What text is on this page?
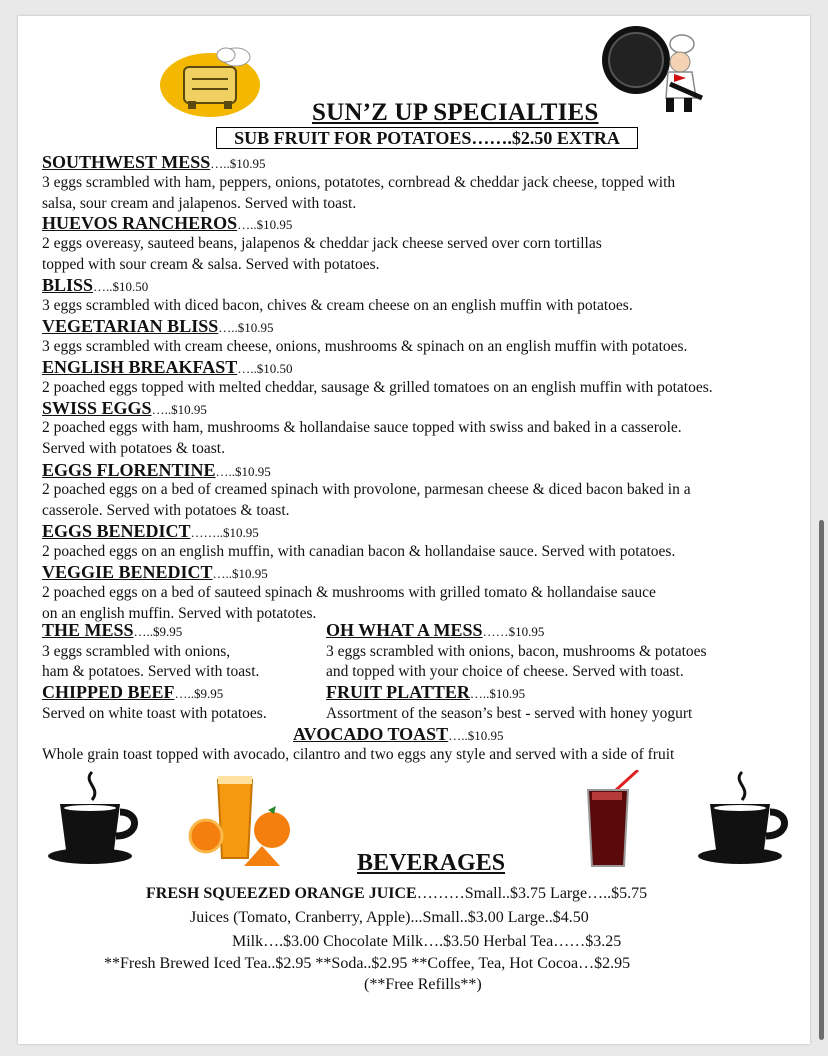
SUN’Z UP SPECIALTIES
SUB FRUIT FOR POTATOES…….$2.50 EXTRA
SOUTHWEST MESS…..$10.95
3 eggs scrambled with ham, peppers, onions, potatotes, cornbread & cheddar jack cheese, topped with
salsa, sour cream and jalapenos. Served with toast.
HUEVOS RANCHEROS…..$10.95
2 eggs overeasy, sauteed beans, jalapenos & cheddar jack cheese served over corn tortillas
topped with sour cream & salsa. Served with potatoes.
BLISS…..$10.50
3 eggs scrambled with diced bacon, chives & cream cheese on an english muffin with potatoes.
VEGETARIAN BLISS…..$10.95
3 eggs scrambled with cream cheese, onions, mushrooms & spinach on an english muffin with potatoes.
ENGLISH BREAKFAST…..$10.50
2 poached eggs topped with melted cheddar, sausage & grilled tomatoes on an english muffin with potatoes.
SWISS EGGS…..$10.95
2 poached eggs with ham, mushrooms & hollandaise sauce topped with swiss and baked in a casserole.
Served with potatoes & toast.
EGGS FLORENTINE…..$10.95
2 poached eggs on a bed of creamed spinach with provolone, parmesan cheese & diced bacon baked in a
casserole. Served with potatoes & toast.
EGGS BENEDICT……..$10.95
2 poached eggs on an english muffin, with canadian bacon & hollandaise sauce. Served with potatoes.
VEGGIE BENEDICT…..$10.95
2 poached eggs on a bed of sauteed spinach & mushrooms with grilled tomato & hollandaise sauce
on an english muffin. Served with potatotes.
THE MESS…..$9.95
3 eggs scrambled with onions,
ham & potatoes. Served with toast.
OH WHAT A MESS……$10.95
3 eggs scrambled with onions, bacon, mushrooms & potatoes
and topped with your choice of cheese. Served with toast.
CHIPPED BEEF…..$9.95
Served on white toast with potatoes.
FRUIT PLATTER…..$10.95
Assortment of the season’s best - served with honey yogurt
AVOCADO TOAST…..$10.95
Whole grain toast topped with avocado, cilantro and two eggs any style and served with a side of fruit
BEVERAGES
FRESH SQUEEZED ORANGE JUICE………Small..$3.75 Large…..$5.75
Juices (Tomato, Cranberry, Apple)...Small..$3.00 Large..$4.50
Milk….$3.00 Chocolate Milk….$3.50 Herbal Tea……$3.25
**Fresh Brewed Iced Tea..$2.95 **Soda..$2.95 **Coffee, Tea, Hot Cocoa…$2.95
(**Free Refills**)
